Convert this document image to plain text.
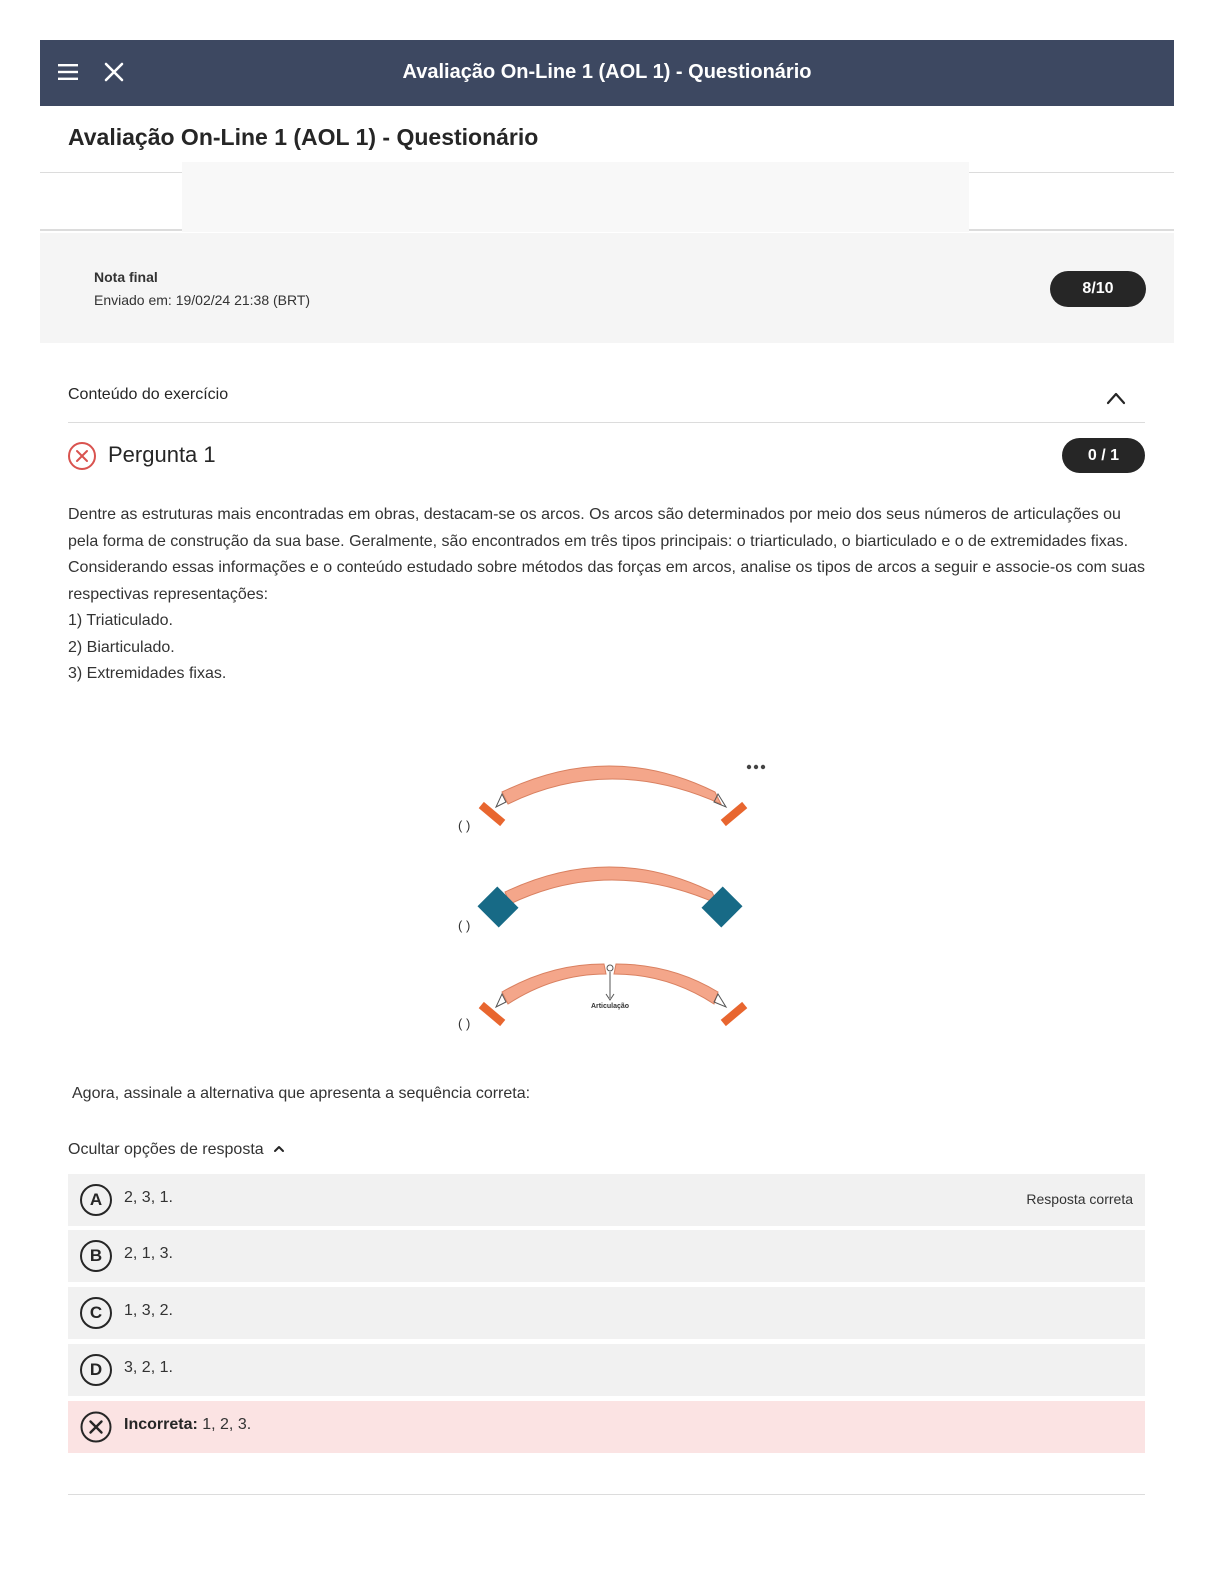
Avaliação On-Line 1 (AOL 1) - Questionário
Avaliação On-Line 1 (AOL 1) - Questionário
Nota final
Enviado em: 19/02/24 21:38 (BRT)
8/10
Conteúdo do exercício
Pergunta 1	0 / 1

Dentre as estruturas mais encontradas em obras, destacam-se os arcos. Os arcos são determinados por meio dos seus números de articulações ou pela forma de construção da sua base. Geralmente, são encontrados em três tipos principais: o triarticulado, o biarticulado e o de extremidades fixas.

Considerando essas informações e o conteúdo estudado sobre métodos das forças em arcos, analise os tipos de arcos a seguir e associe-os com suas respectivas representações:

1) Triaticulado.

2) Biarticulado.

3) Extremidades fixas.

( )
( )
Articulação
( )
Agora, assinale a alternativa que apresenta a sequência correta:
Ocultar opções de resposta
A	2, 3, 1.	Resposta correta
B	2, 1, 3.
C	1, 3, 2.
D	3, 2, 1.
Incorreta: 1, 2, 3.
